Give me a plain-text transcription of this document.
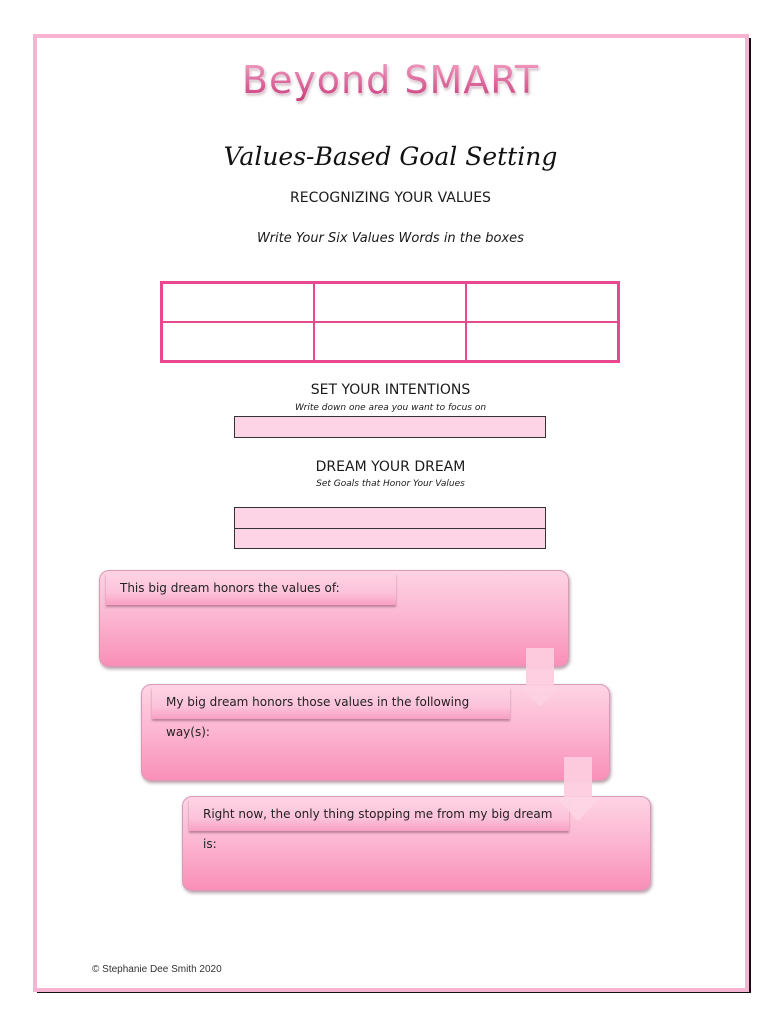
Beyond SMART
Values-Based Goal Setting
RECOGNIZING YOUR VALUES
Write Your Six Values Words in the boxes
SET YOUR INTENTIONS
Write down one area you want to focus on
DREAM YOUR DREAM
Set Goals that Honor Your Values
This big dream honors the values of:
My big dream honors those values in the following way(s):
Right now, the only thing stopping me from my big dream is:
© Stephanie Dee Smith 2020
